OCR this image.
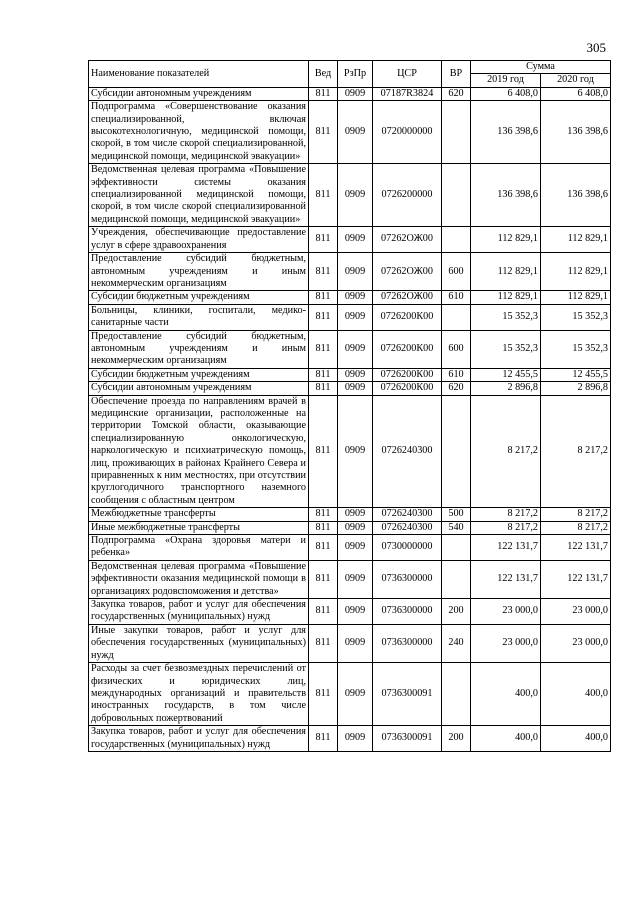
305
Наименование показателей	Вед	РзПр	ЦСР	ВР	Сумма	
					2019 год	2020 год
Субсидии автономным учреждениям	811	0909	07187R3824	620	6 408,0	6 408,0
Подпрограмма «Совершенствование оказания специализированной, включая высокотехнологичную, медицинской помощи, скорой, в том числе скорой специализированной, медицинской помощи, медицинской эвакуации»	811	0909	0720000000		136 398,6	136 398,6
Ведомственная целевая программа «Повышение эффективности системы оказания специализированной медицинской помощи, скорой, в том числе скорой специализированной медицинской помощи, медицинской эвакуации»	811	0909	0726200000		136 398,6	136 398,6
Учреждения, обеспечивающие предоставление услуг в сфере здравоохранения	811	0909	07262ОЖ00		112 829,1	112 829,1
Предоставление субсидий бюджетным, автономным учреждениям и иным некоммерческим организациям	811	0909	07262ОЖ00	600	112 829,1	112 829,1
Субсидии бюджетным учреждениям	811	0909	07262ОЖ00	610	112 829,1	112 829,1
Больницы, клиники, госпитали, медико-санитарные части	811	0909	0726200К00		15 352,3	15 352,3
Предоставление субсидий бюджетным, автономным учреждениям и иным некоммерческим организациям	811	0909	0726200К00	600	15 352,3	15 352,3
Субсидии бюджетным учреждениям	811	0909	0726200К00	610	12 455,5	12 455,5
Субсидии автономным учреждениям	811	0909	0726200К00	620	2 896,8	2 896,8
Обеспечение проезда по направлениям врачей в медицинские организации, расположенные на территории Томской области, оказывающие специализированную онкологическую, наркологическую и психиатрическую помощь, лиц, проживающих в районах Крайнего Севера и приравненных к ним местностях, при отсутствии круглогодичного транспортного наземного сообщения с областным центром	811	0909	0726240300		8 217,2	8 217,2
Межбюджетные трансферты	811	0909	0726240300	500	8 217,2	8 217,2
Иные межбюджетные трансферты	811	0909	0726240300	540	8 217,2	8 217,2
Подпрограмма «Охрана здоровья матери и ребенка»	811	0909	0730000000		122 131,7	122 131,7
Ведомственная целевая программа «Повышение эффективности оказания медицинской помощи в организациях родовспоможения и детства»	811	0909	0736300000		122 131,7	122 131,7
Закупка товаров, работ и услуг для обеспечения государственных (муниципальных) нужд	811	0909	0736300000	200	23 000,0	23 000,0
Иные закупки товаров, работ и услуг для обеспечения государственных (муниципальных) нужд	811	0909	0736300000	240	23 000,0	23 000,0
Расходы за счет безвозмездных перечислений от физических и юридических лиц, международных организаций и правительств иностранных государств, в том числе добровольных пожертвований	811	0909	0736300091		400,0	400,0
Закупка товаров, работ и услуг для обеспечения государственных (муниципальных) нужд	811	0909	0736300091	200	400,0	400,0
